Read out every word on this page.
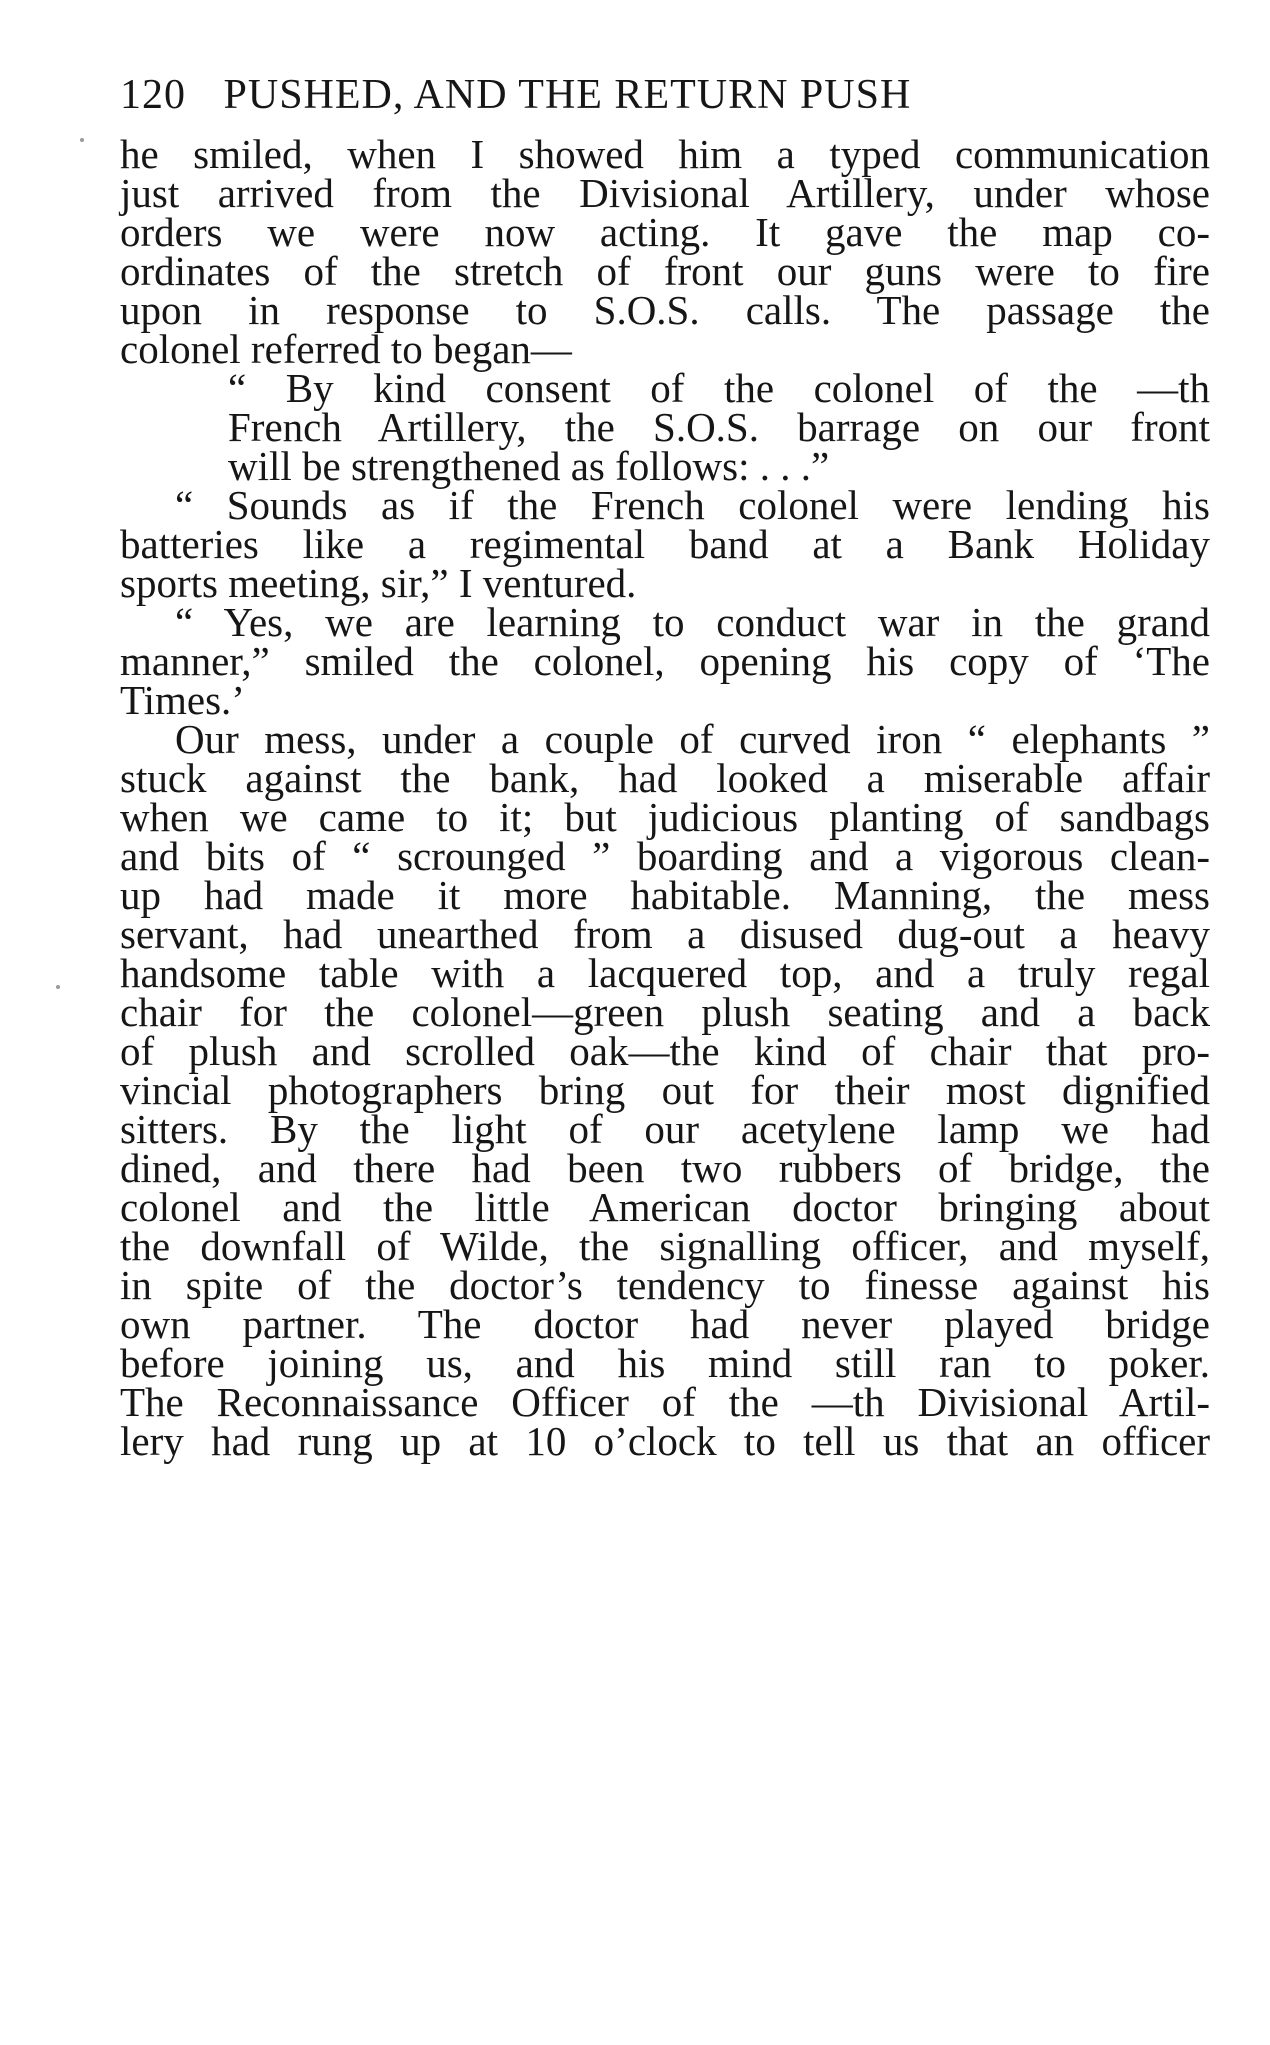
120 PUSHED, AND THE RETURN PUSH
he smiled, when I showed him a typed communication
just arrived from the Divisional Artillery, under whose
orders we were now acting. It gave the map co-
ordinates of the stretch of front our guns were to fire
upon in response to S.O.S. calls. The passage the
colonel referred to began—
“ By kind consent of the colonel of the —th
French Artillery, the S.O.S. barrage on our front
will be strengthened as follows: . . .”
“ Sounds as if the French colonel were lending his
batteries like a regimental band at a Bank Holiday
sports meeting, sir,” I ventured.
“ Yes, we are learning to conduct war in the grand
manner,” smiled the colonel, opening his copy of ‘The
Times.’
Our mess, under a couple of curved iron “ elephants ”
stuck against the bank, had looked a miserable affair
when we came to it; but judicious planting of sandbags
and bits of “ scrounged ” boarding and a vigorous clean-
up had made it more habitable. Manning, the mess
servant, had unearthed from a disused dug-out a heavy
handsome table with a lacquered top, and a truly regal
chair for the colonel—green plush seating and a back
of plush and scrolled oak—the kind of chair that pro-
vincial photographers bring out for their most dignified
sitters. By the light of our acetylene lamp we had
dined, and there had been two rubbers of bridge, the
colonel and the little American doctor bringing about
the downfall of Wilde, the signalling officer, and myself,
in spite of the doctor’s tendency to finesse against his
own partner. The doctor had never played bridge
before joining us, and his mind still ran to poker.
The Reconnaissance Officer of the —th Divisional Artil-
lery had rung up at 10 o’clock to tell us that an officer
